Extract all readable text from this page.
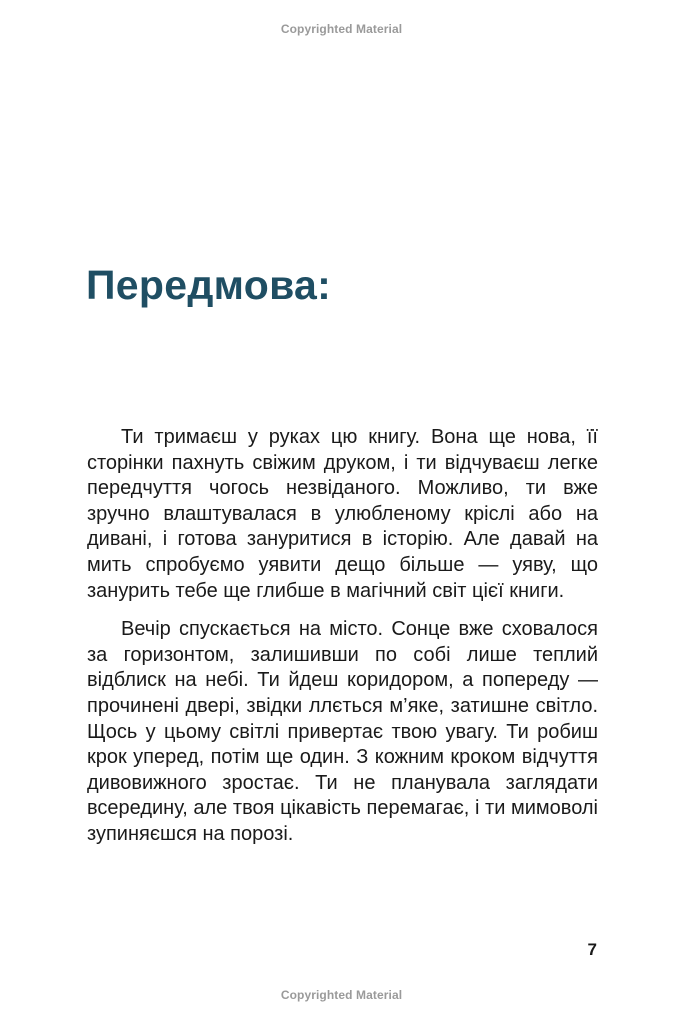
Copyrighted Material
Передмова:

Ти тримаєш у руках цю книгу. Вона ще нова, її сторінки пахнуть свіжим друком, і ти відчуваєш легке передчуття чогось незвіданого. Можливо, ти вже зручно влаштувалася в улюбленому кріслі або на дивані, і готова зануритися в історію. Але давай на мить спробуємо уявити дещо більше — уяву, що занурить тебе ще глибше в магічний світ цієї книги.

Вечір спускається на місто. Сонце вже сховалося за горизонтом, залишивши по собі лише теплий відблиск на небі. Ти йдеш коридором, а попереду — прочинені двері, звідки ллється м’яке, затишне світло. Щось у цьому світлі привертає твою увагу. Ти робиш крок уперед, потім ще один. З кожним кроком відчуття дивовижного зростає. Ти не планувала заглядати всередину, але твоя цікавість перемагає, і ти мимоволі зупиняєшся на порозі.

7
Copyrighted Material
